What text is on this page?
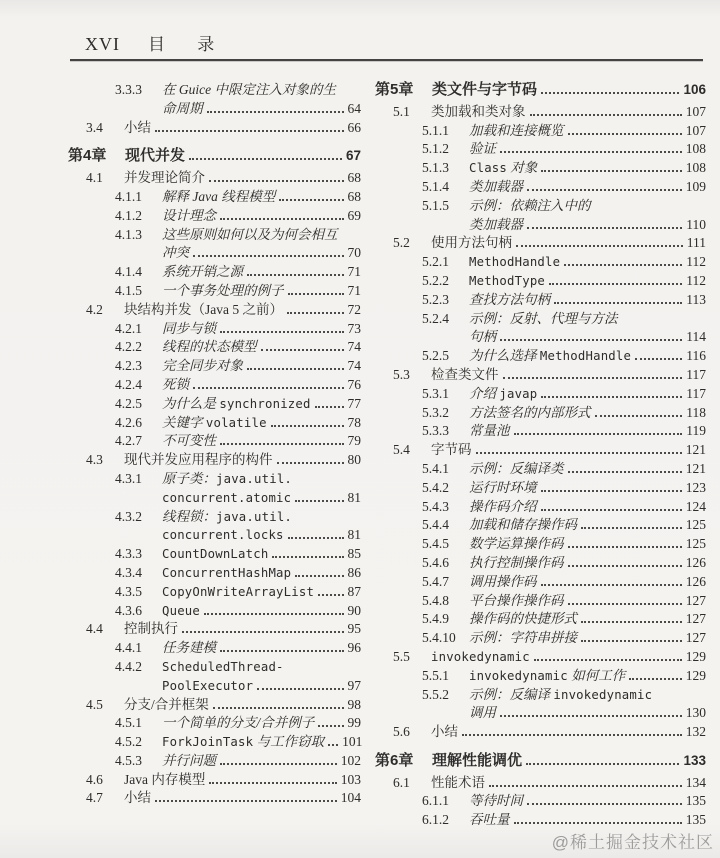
XVI 目 录
3.3.3	在 Guice 中限定注入对象的生
命周期	64
3.4	小结	66
第4章	现代并发	67
4.1	并发理论简介	68
4.1.1	解释 Java 线程模型	68
4.1.2	设计理念	69
4.1.3	这些原则如何以及为何会相互
冲突	70
4.1.4	系统开销之源	71
4.1.5	一个事务处理的例子	71
4.2	块结构并发（Java 5 之前）	72
4.2.1	同步与锁	73
4.2.2	线程的状态模型	74
4.2.3	完全同步对象	74
4.2.4	死锁	76
4.2.5	为什么是 synchronized	77
4.2.6	关键字 volatile	78
4.2.7	不可变性	79
4.3	现代并发应用程序的构件	80
4.3.1	原子类：java.util.
concurrent.atomic	81
4.3.2	线程锁：java.util.
concurrent.locks	81
4.3.3	CountDownLatch	85
4.3.4	ConcurrentHashMap	86
4.3.5	CopyOnWriteArrayList 87
4.3.6	Queue	90
4.4	控制执行	95
4.4.1	任务建模	96
4.4.2	ScheduledThread-
PoolExecutor	97
4.5	分支/合并框架	98
4.5.1	一个简单的分支/合并例子 99
4.5.2	ForkJoinTask 与工作窃取 101
4.5.3	并行问题	102
4.6	Java 内存模型	103
4.7	小结	104
第5章	类文件与字节码	106
5.1	类加载和类对象	107
5.1.1	加载和连接概览	107
5.1.2	验证	108
5.1.3	Class 对象	108
5.1.4	类加载器	109
5.1.5	示例：依赖注入中的
类加载器	110
5.2	使用方法句柄	111
5.2.1	MethodHandle	112
5.2.2	MethodType	112
5.2.3	查找方法句柄	113
5.2.4	示例：反射、代理与方法
句柄	114
5.2.5	为什么选择 MethodHandle	116
5.3	检查类文件	117
5.3.1	介绍 javap	117
5.3.2	方法签名的内部形式	118
5.3.3	常量池	119
5.4	字节码	121
5.4.1	示例：反编译类	121
5.4.2	运行时环境	123
5.4.3	操作码介绍	124
5.4.4	加载和储存操作码	125
5.4.5	数学运算操作码	125
5.4.6	执行控制操作码	126
5.4.7	调用操作码	126
5.4.8	平台操作操作码	127
5.4.9	操作码的快捷形式	127
5.4.10 示例：字符串拼接	127
5.5	invokedynamic	129
5.5.1	invokedynamic 如何工作	129
5.5.2	示例：反编译 invokedynamic
调用	130
5.6	小结	132
第6章	理解性能调优	133
6.1	性能术语	134
6.1.1	等待时间	135
6.1.2	吞吐量	135
@稀土掘金技术社区
